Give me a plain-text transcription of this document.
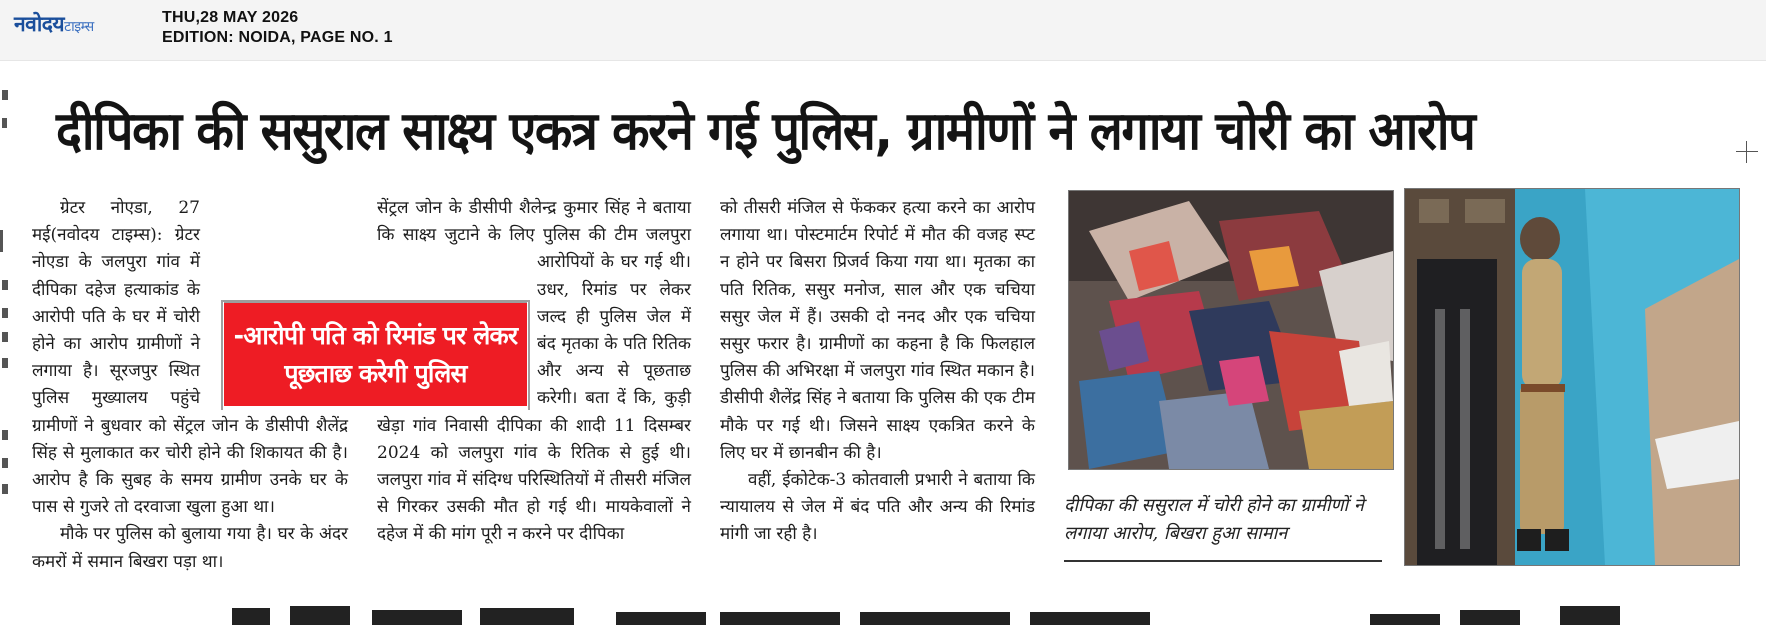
नवोदयटाइम्स
THU,28 MAY 2026
EDITION: NOIDA, PAGE NO. 1
दीपिका की ससुराल साक्ष्य एकत्र करने गई पुलिस, ग्रामीणों ने लगाया चोरी का आरोप

ग्रेटर नोएडा, 27 मई(नवोदय टाइम्स): ग्रेटर नोएडा के जलपुरा गांव में दीपिका दहेज हत्याकांड के आरोपी पति के घर में चोरी होने का आरोप ग्रामीणों ने लगाया है। सूरजपुर स्थित पुलिस मुख्यालय पहुंचे ग्रामीणों ने बुधवार को सेंट्रल जोन के डीसीपी शैलेंद्र सिंह से मुलाकात कर चोरी होने की शिकायत की है। आरोप है कि सुबह के समय ग्रामीण उनके घर के पास से गुजरे तो दरवाजा खुला हुआ था।

मौके पर पुलिस को बुलाया गया है। घर के अंदर कमरों में समान बिखरा पड़ा था।

सेंट्रल जोन के डीसीपी शैलेन्द्र कुमार सिंह ने बताया कि साक्ष्य जुटाने के लिए पुलिस की टीम जलपुरा आरोपियों के घर गई थी। उधर, रिमांड पर लेकर जल्द ही पुलिस जेल में बंद मृतका के पति रितिक और अन्य से पूछताछ करेगी। बता दें कि, कुड़ी खेड़ा गांव निवासी दीपिका की शादी 11 दिसम्बर 2024 को जलपुरा गांव के रितिक से हुई थी। जलपुरा गांव में संदिग्ध परिस्थितियों में तीसरी मंजिल से गिरकर उसकी मौत हो गई थी। मायकेवालों ने दहेज में की मांग पूरी न करने पर दीपिका

को तीसरी मंजिल से फेंककर हत्या करने का आरोप लगाया था। पोस्टमार्टम रिपोर्ट में मौत की वजह स्प्ट न होने पर बिसरा प्रिजर्व किया गया था। मृतका का पति रितिक, ससुर मनोज, साल और एक चचिया ससुर जेल में हैं। उसकी दो ननद और एक चचिया ससुर फरार है। ग्रामीणों का कहना है कि फिलहाल पुलिस की अभिरक्षा में जलपुरा गांव स्थित मकान है। डीसीपी शैलेंद्र सिंह ने बताया कि पुलिस की एक टीम मौके पर गई थी। जिसने साक्ष्य एकत्रित करने के लिए घर में छानबीन की है।

वहीं, ईकोटेक-3 कोतवाली प्रभारी ने बताया कि न्यायालय से जेल में बंद पति और अन्य की रिमांड मांगी जा रही है।

-आरोपी पति को रिमांड पर लेकर पूछताछ करेगी पुलिस
दीपिका की ससुराल में चोरी होने का ग्रामीणों ने लगाया आरोप, बिखरा हुआ सामान
